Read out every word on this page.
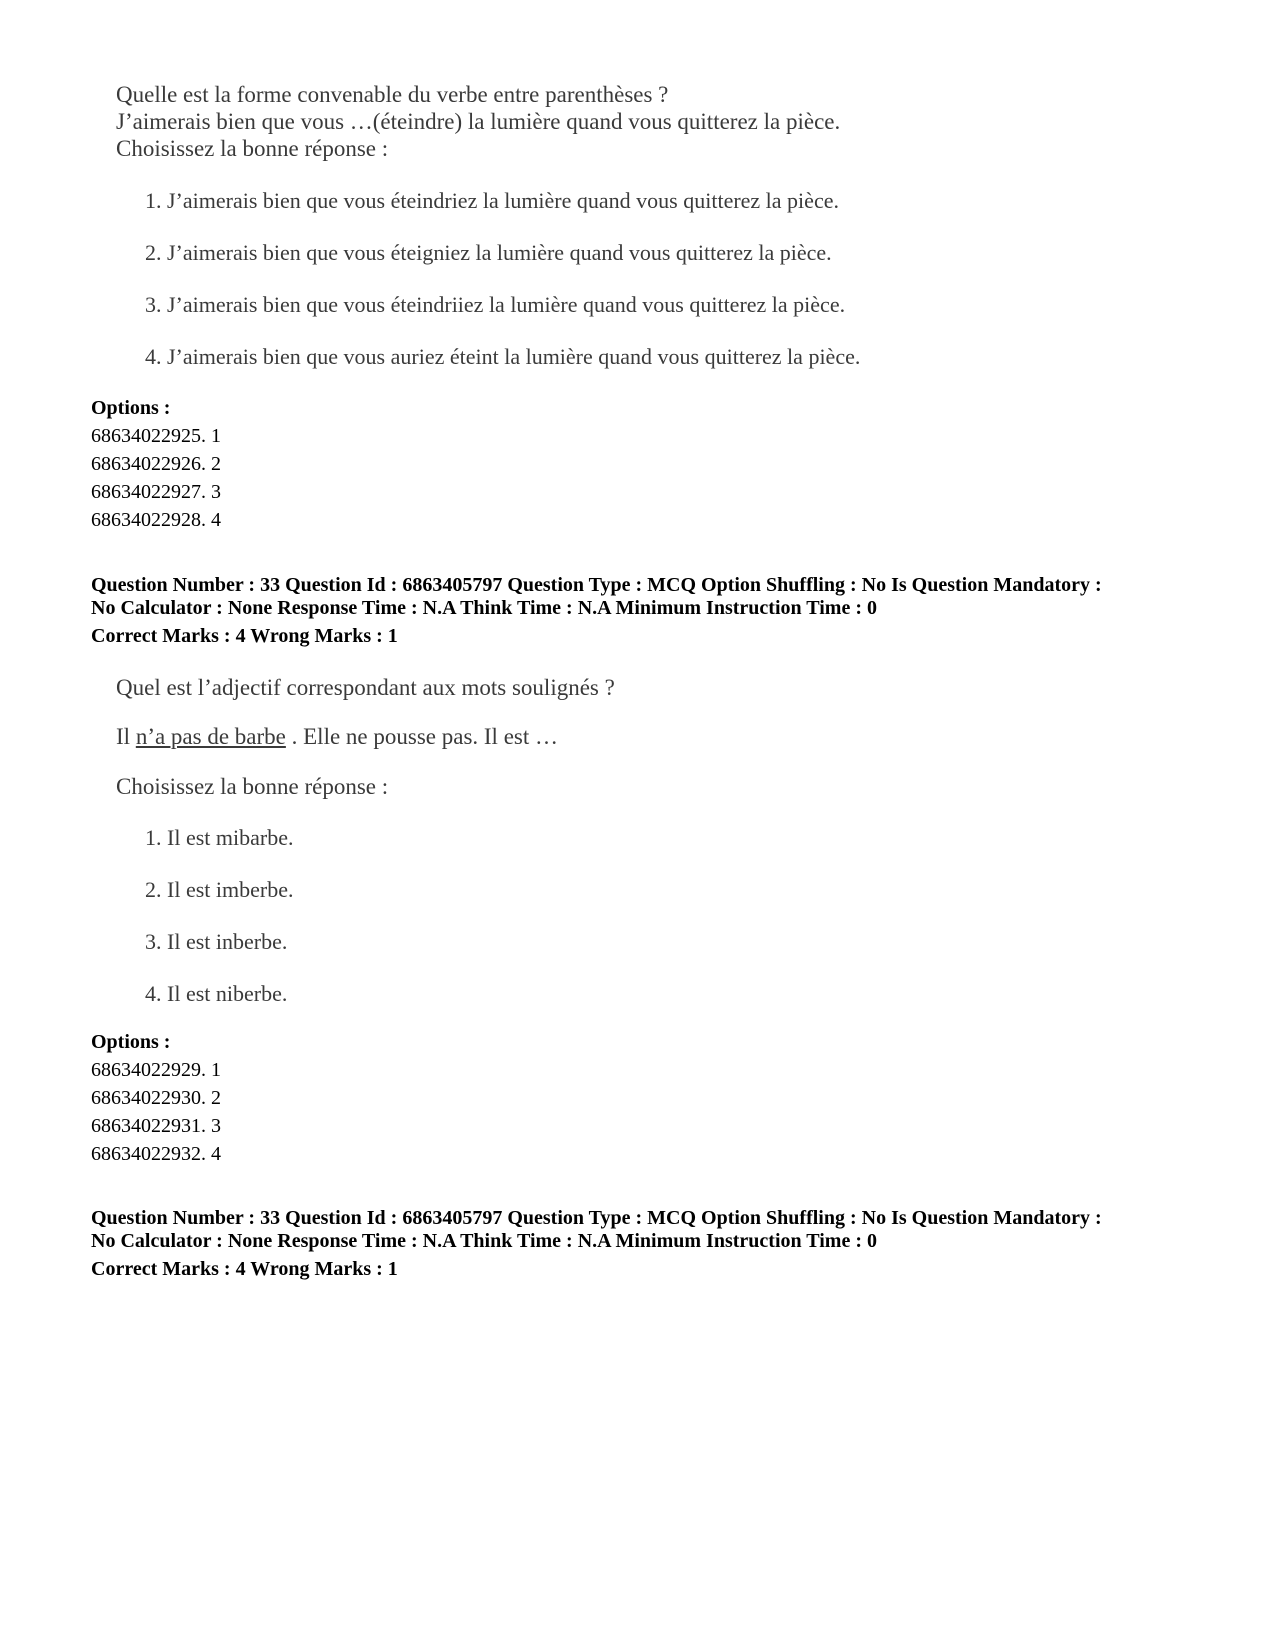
Quelle est la forme convenable du verbe entre parenthèses ?
J’aimerais bien que vous …(éteindre) la lumière quand vous quitterez la pièce.
Choisissez la bonne réponse :
1. J’aimerais bien que vous éteindriez la lumière quand vous quitterez la pièce.
2. J’aimerais bien que vous éteigniez la lumière quand vous quitterez la pièce.
3. J’aimerais bien que vous éteindriiez la lumière quand vous quitterez la pièce.
4. J’aimerais bien que vous auriez éteint la lumière quand vous quitterez la pièce.
Options :
68634022925. 1
68634022926. 2
68634022927. 3
68634022928. 4
Question Number : 33 Question Id : 6863405797 Question Type : MCQ Option Shuffling : No Is Question Mandatory :
No Calculator : None Response Time : N.A Think Time : N.A Minimum Instruction Time : 0
Correct Marks : 4 Wrong Marks : 1
Quel est l’adjectif correspondant aux mots soulignés ?
Il n’a pas de barbe . Elle ne pousse pas. Il est …
Choisissez la bonne réponse :
1. Il est mibarbe.
2. Il est imberbe.
3. Il est inberbe.
4. Il est niberbe.
Options :
68634022929. 1
68634022930. 2
68634022931. 3
68634022932. 4
Question Number : 33 Question Id : 6863405797 Question Type : MCQ Option Shuffling : No Is Question Mandatory :
No Calculator : None Response Time : N.A Think Time : N.A Minimum Instruction Time : 0
Correct Marks : 4 Wrong Marks : 1
